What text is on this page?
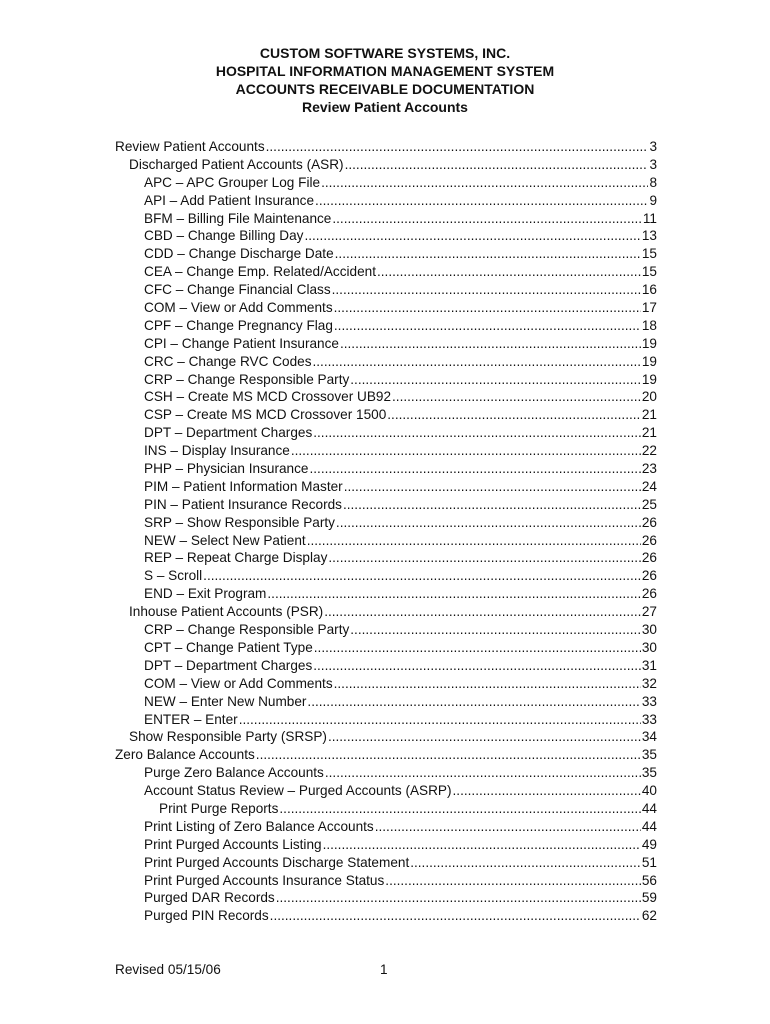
CUSTOM SOFTWARE SYSTEMS, INC.
HOSPITAL INFORMATION MANAGEMENT SYSTEM
ACCOUNTS RECEIVABLE DOCUMENTATION
Review Patient Accounts
Review Patient Accounts .....	3
Discharged Patient Accounts (ASR) .....	3
APC – APC Grouper Log File .....	8
API – Add Patient Insurance .....	9
BFM – Billing File Maintenance .....	11
CBD – Change Billing Day .....	13
CDD – Change Discharge Date .....	15
CEA – Change Emp. Related/Accident .....	15
CFC – Change Financial Class .....	16
COM – View or Add Comments .....	17
CPF – Change Pregnancy Flag .....	18
CPI – Change Patient Insurance .....	19
CRC – Change RVC Codes .....	19
CRP – Change Responsible Party .....	19
CSH – Create MS MCD Crossover UB92 .....	20
CSP – Create MS MCD Crossover 1500 .....	21
DPT – Department Charges .....	21
INS – Display Insurance .....	22
PHP – Physician Insurance .....	23
PIM – Patient Information Master .....	24
PIN – Patient Insurance Records .....	25
SRP – Show Responsible Party .....	26
NEW – Select New Patient .....	26
REP – Repeat Charge Display .....	26
S – Scroll .....	26
END – Exit Program .....	26
Inhouse Patient Accounts (PSR) .....	27
CRP – Change Responsible Party .....	30
CPT – Change Patient Type .....	30
DPT – Department Charges .....	31
COM – View or Add Comments .....	32
NEW – Enter New Number .....	33
ENTER – Enter .....	33
Show Responsible Party (SRSP) .....	34
Zero Balance Accounts .....	35
Purge Zero Balance Accounts .....	35
Account Status Review – Purged Accounts (ASRP) .....	40
Print Purge Reports .....	44
Print Listing of Zero Balance Accounts .....	44
Print Purged Accounts Listing .....	49
Print Purged Accounts Discharge Statement .....	51
Print Purged Accounts Insurance Status .....	56
Purged DAR Records .....	59
Purged PIN Records .....	62
Revised 05/15/06	1
